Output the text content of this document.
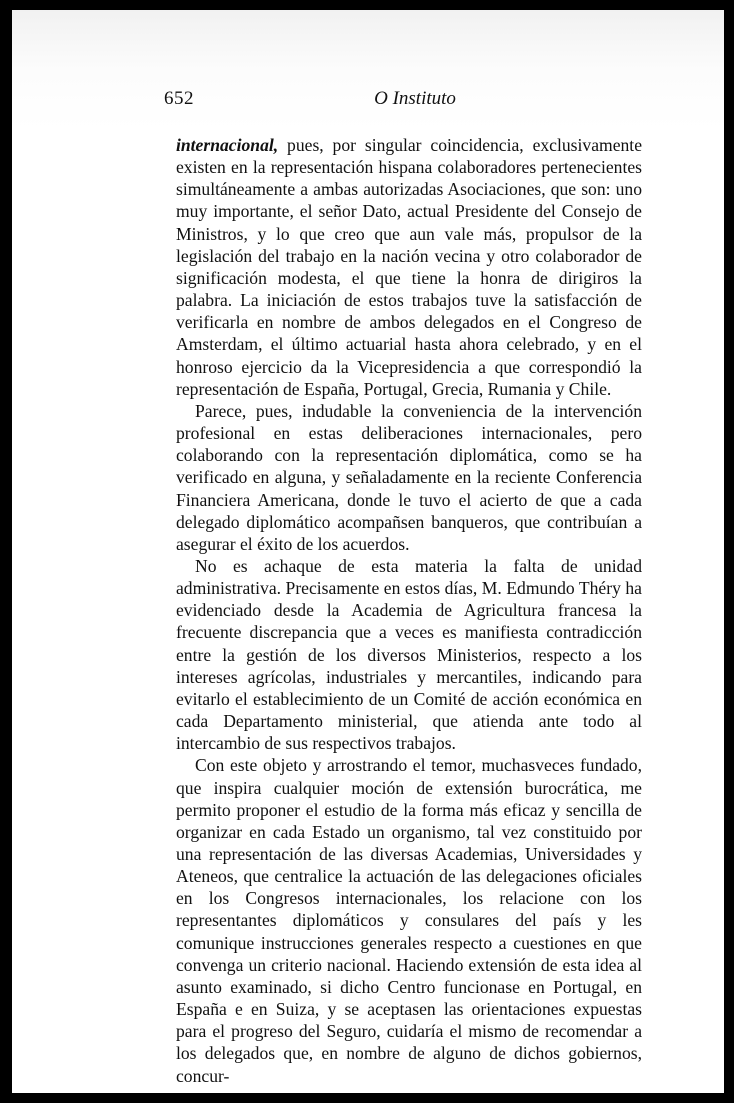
652	O Instituto

internacional, pues, por singular coincidencia, exclusivamente existen en la representación hispana colaboradores pertenecientes simultáneamente a ambas autorizadas Asociaciones, que son: uno muy importante, el señor Dato, actual Presidente del Consejo de Ministros, y lo que creo que aun vale más, propulsor de la legislación del trabajo en la nación vecina y otro colaborador de significación modesta, el que tiene la honra de dirigiros la palabra. La iniciación de estos trabajos tuve la satisfacción de verificarla en nombre de ambos delegados en el Congreso de Amsterdam, el último actuarial hasta ahora celebrado, y en el honroso ejercicio da la Vicepresidencia a que correspondió la representación de España, Portugal, Grecia, Rumania y Chile.

Parece, pues, indudable la conveniencia de la intervención profesional en estas deliberaciones internacionales, pero colaborando con la representación diplomática, como se ha verificado en alguna, y señaladamente en la reciente Conferencia Financiera Americana, donde le tuvo el acierto de que a cada delegado diplomático acompañsen banqueros, que contribuían a asegurar el éxito de los acuerdos.

No es achaque de esta materia la falta de unidad administrativa. Precisamente en estos días, M. Edmundo Théry ha evidenciado desde la Academia de Agricultura francesa la frecuente discrepancia que a veces es manifiesta contradicción entre la gestión de los diversos Ministerios, respecto a los intereses agrícolas, industriales y mercantiles, indicando para evitarlo el establecimiento de un Comité de acción económica en cada Departamento ministerial, que atienda ante todo al intercambio de sus respectivos trabajos.

Con este objeto y arrostrando el temor, muchasveces fundado, que inspira cualquier moción de extensión burocrática, me permito proponer el estudio de la forma más eficaz y sencilla de organizar en cada Estado un organismo, tal vez constituido por una representación de las diversas Academias, Universidades y Ateneos, que centralice la actuación de las delegaciones oficiales en los Congresos internacionales, los relacione con los representantes diplomáticos y consulares del país y les comunique instrucciones generales respecto a cuestiones en que convenga un criterio nacional. Haciendo extensión de esta idea al asunto examinado, si dicho Centro funcionase en Portugal, en España e en Suiza, y se aceptasen las orientaciones expuestas para el progreso del Seguro, cuidaría el mismo de recomendar a los delegados que, en nombre de alguno de dichos gobiernos, concur-
